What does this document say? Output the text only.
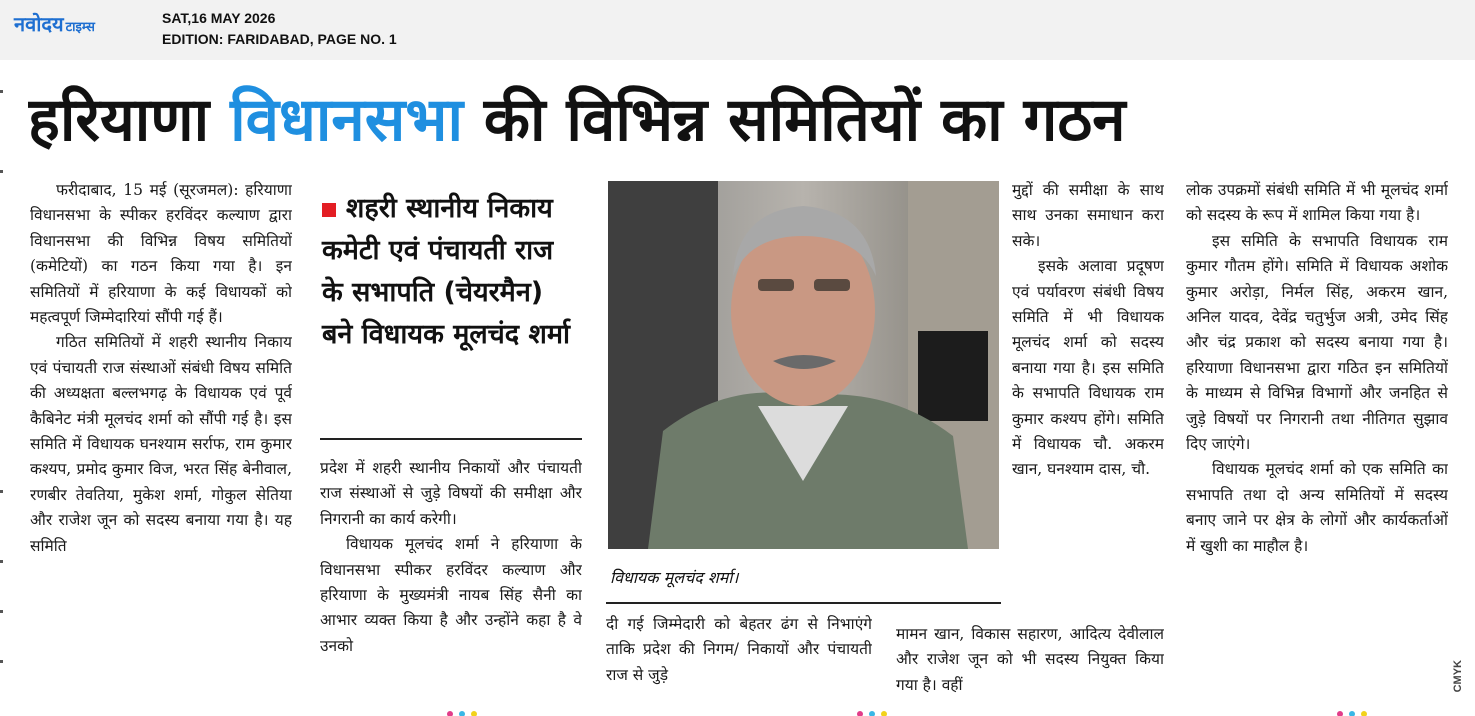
नवोदय टाइम्स
SAT,16 MAY 2026
EDITION: FARIDABAD, PAGE NO. 1
हरियाणा विधानसभा की विभिन्न समितियों का गठन

फरीदाबाद, 15 मई (सूरजमल): हरियाणा विधानसभा के स्पीकर हरविंदर कल्याण द्वारा विधानसभा की विभिन्न विषय समितियों (कमेटियों) का गठन किया गया है। इन समितियों में हरियाणा के कई विधायकों को महत्वपूर्ण जिम्मेदारियां सौंपी गई हैं।

गठित समितियों में शहरी स्थानीय निकाय एवं पंचायती राज संस्थाओं संबंधी विषय समिति की अध्यक्षता बल्लभगढ़ के विधायक एवं पूर्व कैबिनेट मंत्री मूलचंद शर्मा को सौंपी गई है। इस समिति में विधायक घनश्याम सर्राफ, राम कुमार कश्यप, प्रमोद कुमार विज, भरत सिंह बेनीवाल, रणबीर तेवतिया, मुकेश शर्मा, गोकुल सेतिया और राजेश जून को सदस्य बनाया गया है। यह समिति

शहरी स्थानीय निकाय कमेटी एवं पंचायती राज के सभापति (चेयरमैन) बने विधायक मूलचंद शर्मा

प्रदेश में शहरी स्थानीय निकायों और पंचायती राज संस्थाओं से जुड़े विषयों की समीक्षा और निगरानी का कार्य करेगी।

विधायक मूलचंद शर्मा ने हरियाणा के विधानसभा स्पीकर हरविंदर कल्याण और हरियाणा के मुख्यमंत्री नायब सिंह सैनी का आभार व्यक्त किया है और उन्होंने कहा है वे उनको

विधायक मूलचंद शर्मा।

दी गई जिम्मेदारी को बेहतर ढंग से निभाएंगे ताकि प्रदेश की निगम/ निकायों और पंचायती राज से जुड़े

मुद्दों की समीक्षा के साथ साथ उनका समाधान करा सके।

इसके अलावा प्रदूषण एवं पर्यावरण संबंधी विषय समिति में भी विधायक मूलचंद शर्मा को सदस्य बनाया गया है। इस समिति के सभापति विधायक राम कुमार कश्यप होंगे। समिति में विधायक चौ. अकरम खान, घनश्याम दास, चौ.

मामन खान, विकास सहारण, आदित्य देवीलाल और राजेश जून को भी सदस्य नियुक्त किया गया है। वहीं

लोक उपक्रमों संबंधी समिति में भी मूलचंद शर्मा को सदस्य के रूप में शामिल किया गया है।

इस समिति के सभापति विधायक राम कुमार गौतम होंगे। समिति में विधायक अशोक कुमार अरोड़ा, निर्मल सिंह, अकरम खान, अनिल यादव, देवेंद्र चतुर्भुज अत्री, उमेद सिंह और चंद्र प्रकाश को सदस्य बनाया गया है। हरियाणा विधानसभा द्वारा गठित इन समितियों के माध्यम से विभिन्न विभागों और जनहित से जुड़े विषयों पर निगरानी तथा नीतिगत सुझाव दिए जाएंगे।

विधायक मूलचंद शर्मा को एक समिति का सभापति तथा दो अन्य समितियों में सदस्य बनाए जाने पर क्षेत्र के लोगों और कार्यकर्ताओं में खुशी का माहौल है।

CMYK
